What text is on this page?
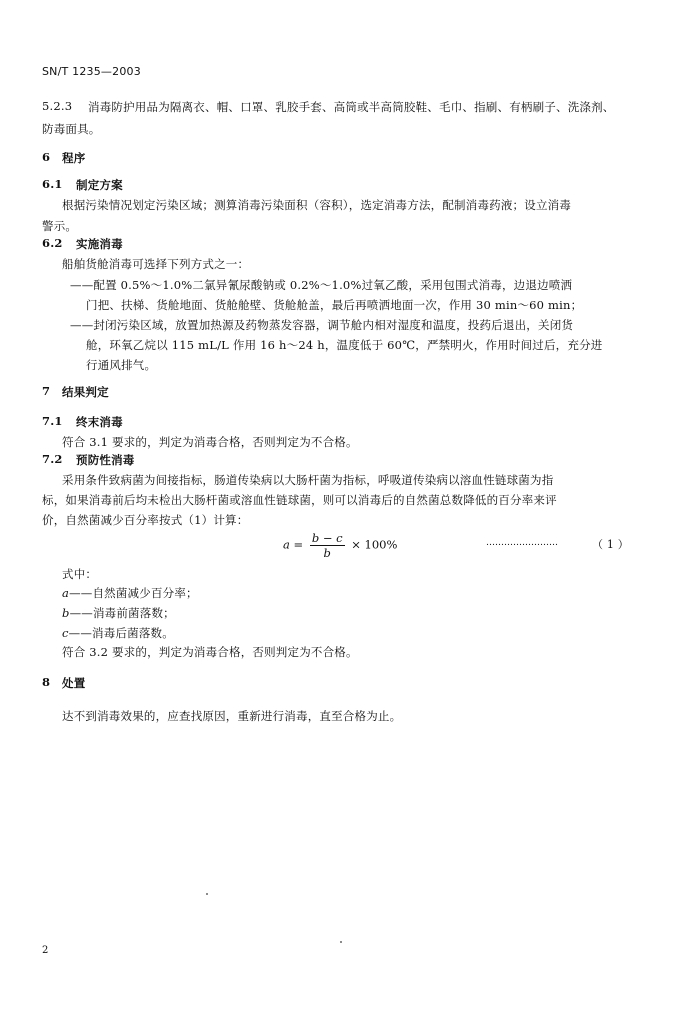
SN/T 1235—2003
5.2.3 消毒防护用品为隔离衣、帽、口罩、乳胶手套、高筒或半高筒胶鞋、毛巾、指刷、有柄刷子、洗涤剂、
防毒面具。
6 程序
6.1 制定方案
根据污染情况划定污染区域；测算消毒污染面积（容积），选定消毒方法，配制消毒药液；设立消毒
警示。
6.2 实施消毒
船舶货舱消毒可选择下列方式之一：
——配置 0.5%～1.0%二氯异氰尿酸钠或 0.2%～1.0%过氧乙酸，采用包围式消毒，边退边喷洒
门把、扶梯、货舱地面、货舱舱壁、货舱舱盖，最后再喷洒地面一次，作用 30 min～60 min；
——封闭污染区域，放置加热源及药物蒸发容器，调节舱内相对湿度和温度，投药后退出，关闭货
舱，环氧乙烷以 115 mL/L 作用 16 h～24 h，温度低于 60℃，严禁明火，作用时间过后，充分进
行通风排气。
7 结果判定
7.1 终末消毒
符合 3.1 要求的，判定为消毒合格，否则判定为不合格。
7.2 预防性消毒
采用条件致病菌为间接指标，肠道传染病以大肠杆菌为指标，呼吸道传染病以溶血性链球菌为指
标，如果消毒前后均未检出大肠杆菌或溶血性链球菌，则可以消毒后的自然菌总数降低的百分率来评
价，自然菌减少百分率按式（1）计算：
$a = \frac{b - c}{b} \times 100\%$	……………………	（ 1 ）
式中：
a——自然菌减少百分率；
b——消毒前菌落数；
c——消毒后菌落数。
符合 3.2 要求的，判定为消毒合格，否则判定为不合格。
8 处置
达不到消毒效果的，应查找原因，重新进行消毒，直至合格为止。
2
